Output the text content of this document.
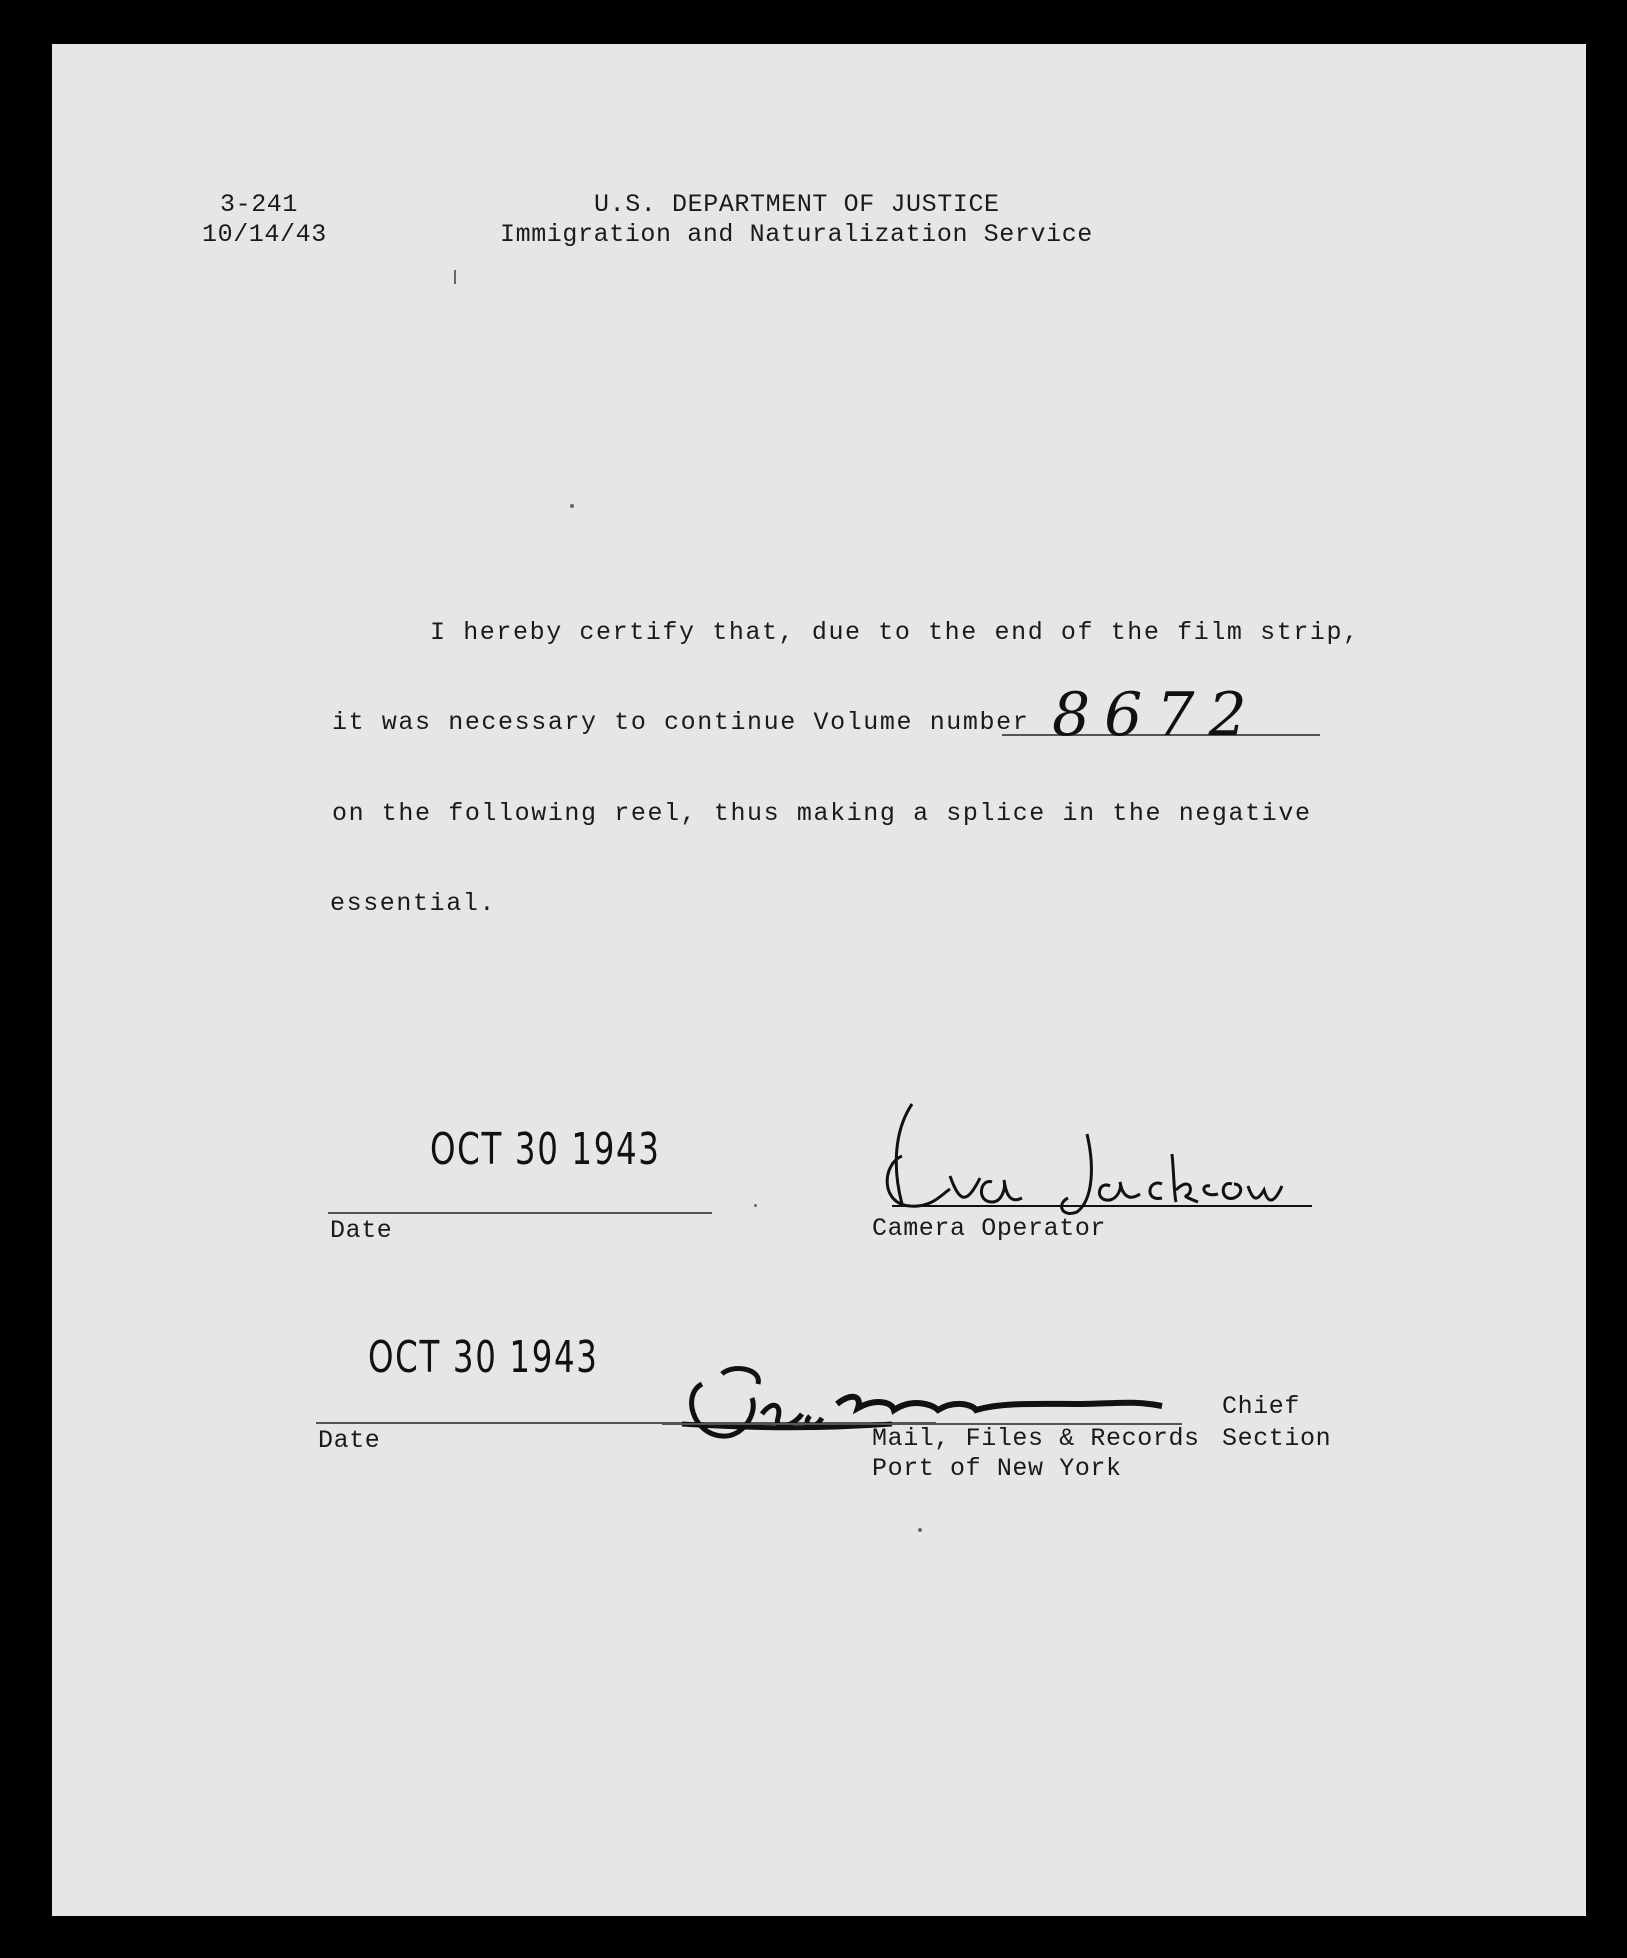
3-241
10/14/43
U.S. DEPARTMENT OF JUSTICE
Immigration and Naturalization Service
I hereby certify that, due to the end of the film strip,
it was necessary to continue Volume number 8672
on the following reel, thus making a splice in the negative
essential.
OCT 30 1943
Date	Camera Operator
OCT 30 1943
Date
Chief
Mail, Files & Records Section
Port of New York
